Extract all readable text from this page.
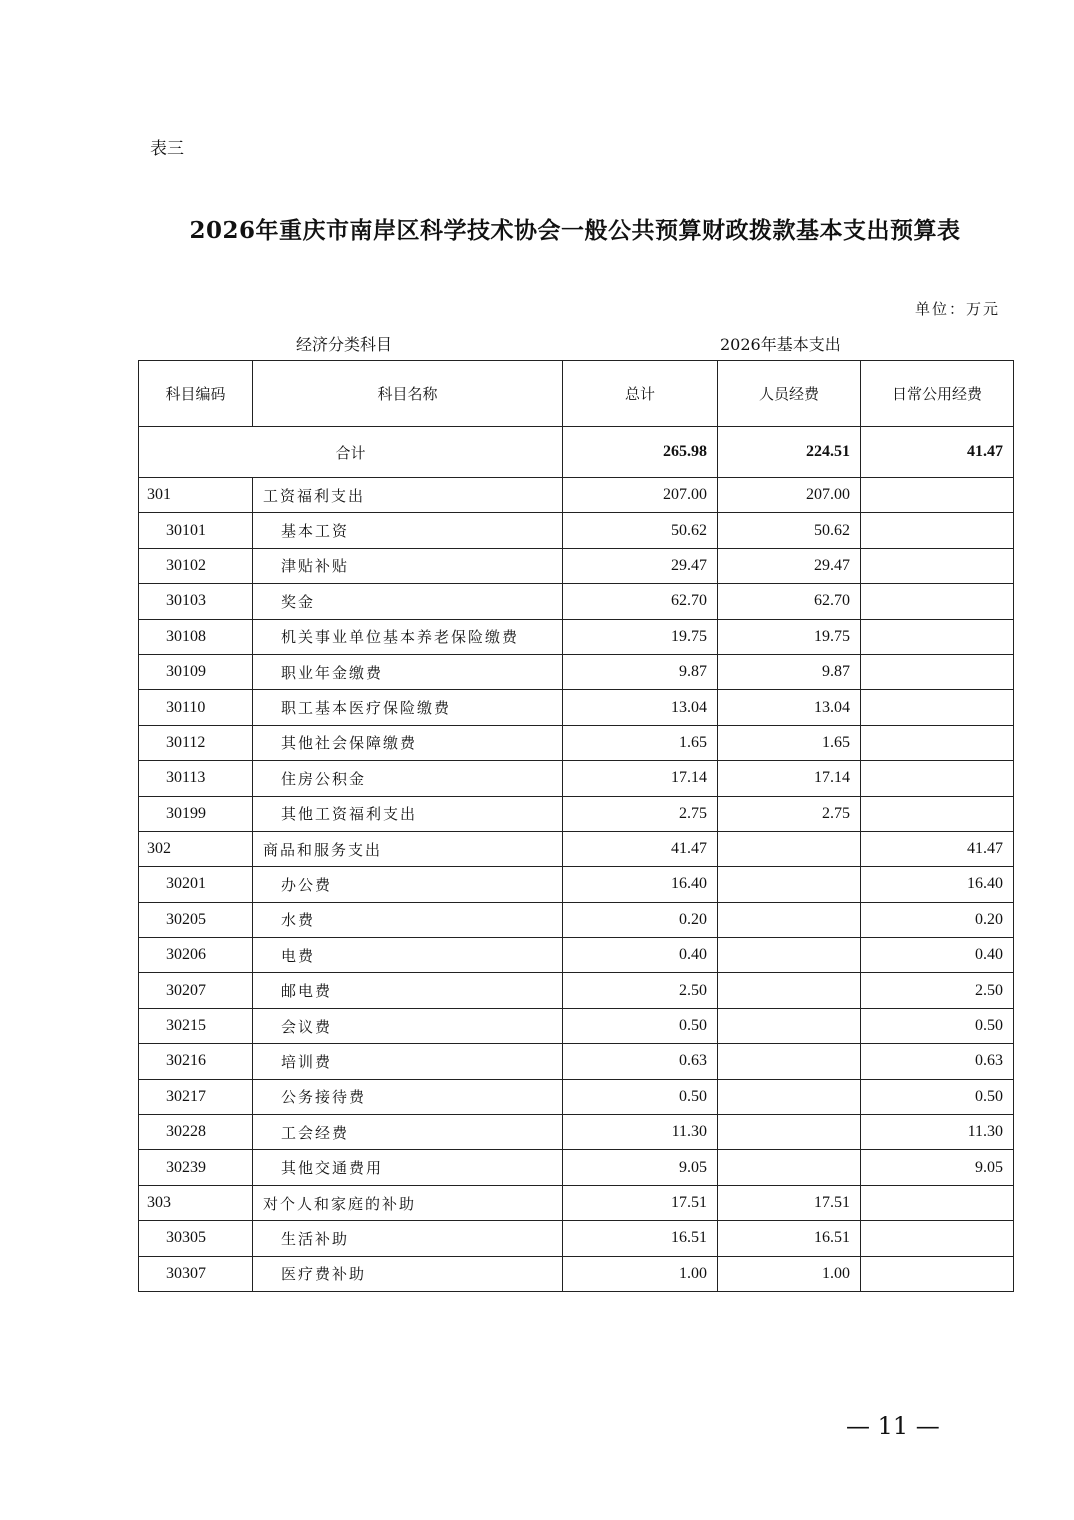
表三
2026年重庆市南岸区科学技术协会一般公共预算财政拨款基本支出预算表
单位：万元
经济分类科目	2026年基本支出
科目编码	科目名称	总计	人员经费	日常公用经费
合计		265.98	224.51	41.47
301	工资福利支出	207.00	207.00	
30101	基本工资	50.62	50.62	
30102	津贴补贴	29.47	29.47	
30103	奖金	62.70	62.70	
30108	机关事业单位基本养老保险缴费	19.75	19.75	
30109	职业年金缴费	9.87	9.87	
30110	职工基本医疗保险缴费	13.04	13.04	
30112	其他社会保障缴费	1.65	1.65	
30113	住房公积金	17.14	17.14	
30199	其他工资福利支出	2.75	2.75	
302	商品和服务支出	41.47		41.47
30201	办公费	16.40		16.40
30205	水费	0.20		0.20
30206	电费	0.40		0.40
30207	邮电费	2.50		2.50
30215	会议费	0.50		0.50
30216	培训费	0.63		0.63
30217	公务接待费	0.50		0.50
30228	工会经费	11.30		11.30
30239	其他交通费用	9.05		9.05
303	对个人和家庭的补助	17.51	17.51	
30305	生活补助	16.51	16.51	
30307	医疗费补助	1.00	1.00	
— 11 —
